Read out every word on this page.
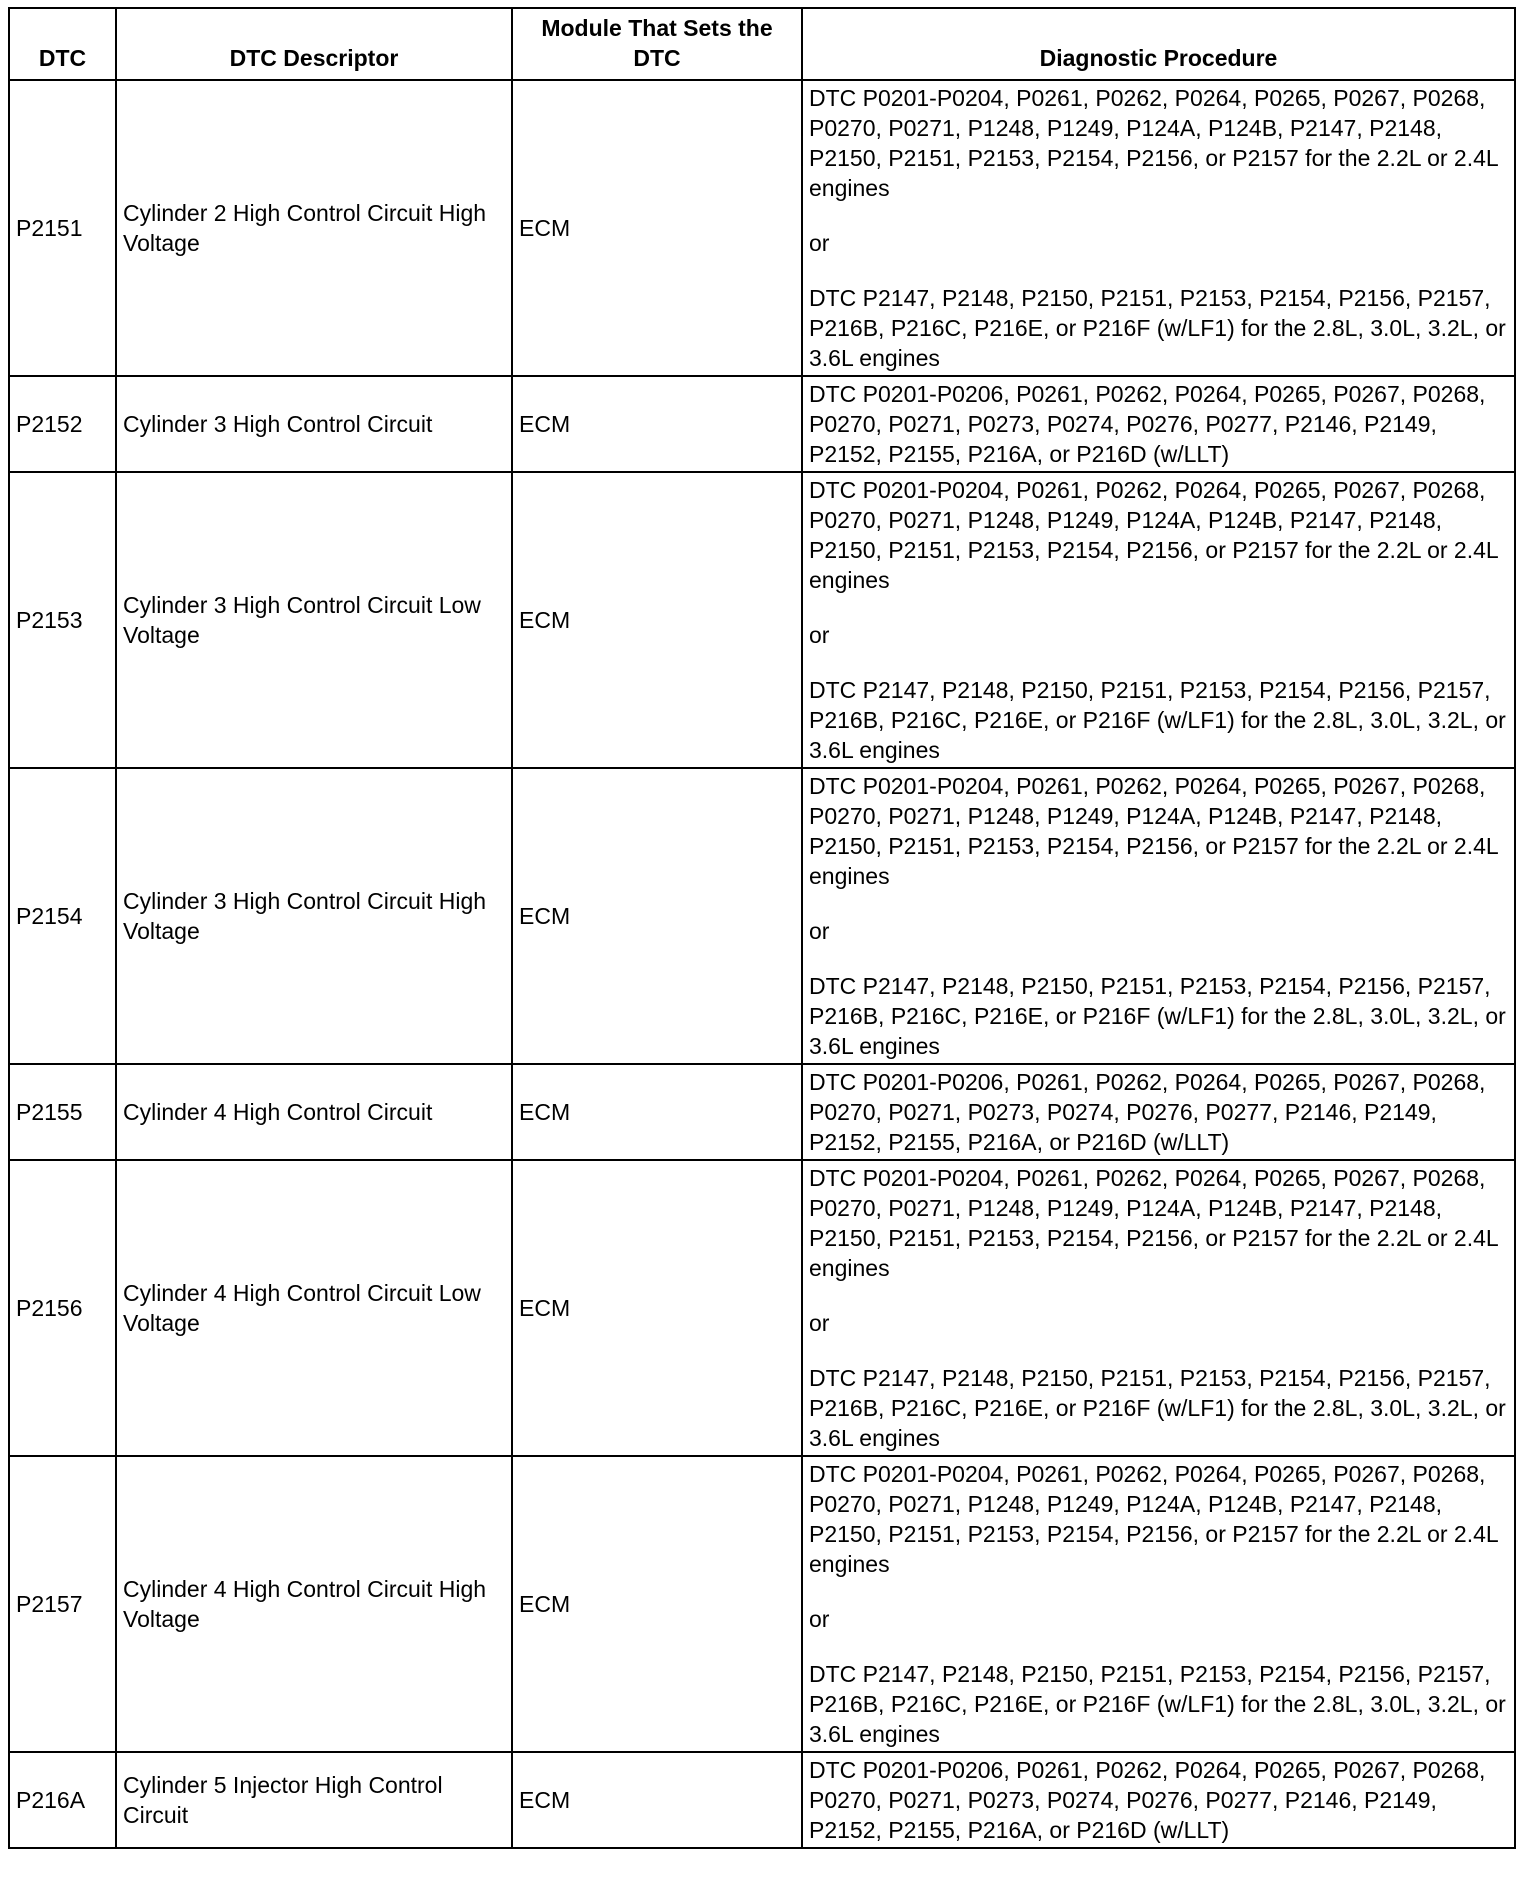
DTC	DTC Descriptor	Module That Sets the DTC	Diagnostic Procedure
P2151	Cylinder 2 High Control Circuit High Voltage	ECM	DTC P0201-P0204, P0261, P0262, P0264, P0265, P0267, P0268, P0270, P0271, P1248, P1249, P124A, P124B, P2147, P2148, P2150, P2151, P2153, P2154, P2156, or P2157 for the 2.2L or 2.4L engines
or
DTC P2147, P2148, P2150, P2151, P2153, P2154, P2156, P2157, P216B, P216C, P216E, or P216F (w/LF1) for the 2.8L, 3.0L, 3.2L, or 3.6L engines

P2152	Cylinder 3 High Control Circuit	ECM	DTC P0201-P0206, P0261, P0262, P0264, P0265, P0267, P0268, P0270, P0271, P0273, P0274, P0276, P0277, P2146, P2149, P2152, P2155, P216A, or P216D (w/LLT)

P2153	Cylinder 3 High Control Circuit Low Voltage	ECM	DTC P0201-P0204, P0261, P0262, P0264, P0265, P0267, P0268, P0270, P0271, P1248, P1249, P124A, P124B, P2147, P2148, P2150, P2151, P2153, P2154, P2156, or P2157 for the 2.2L or 2.4L engines
or
DTC P2147, P2148, P2150, P2151, P2153, P2154, P2156, P2157, P216B, P216C, P216E, or P216F (w/LF1) for the 2.8L, 3.0L, 3.2L, or 3.6L engines

P2154	Cylinder 3 High Control Circuit High Voltage	ECM	DTC P0201-P0204, P0261, P0262, P0264, P0265, P0267, P0268, P0270, P0271, P1248, P1249, P124A, P124B, P2147, P2148, P2150, P2151, P2153, P2154, P2156, or P2157 for the 2.2L or 2.4L engines
or
DTC P2147, P2148, P2150, P2151, P2153, P2154, P2156, P2157, P216B, P216C, P216E, or P216F (w/LF1) for the 2.8L, 3.0L, 3.2L, or 3.6L engines

P2155	Cylinder 4 High Control Circuit	ECM	DTC P0201-P0206, P0261, P0262, P0264, P0265, P0267, P0268, P0270, P0271, P0273, P0274, P0276, P0277, P2146, P2149, P2152, P2155, P216A, or P216D (w/LLT)

P2156	Cylinder 4 High Control Circuit Low Voltage	ECM	DTC P0201-P0204, P0261, P0262, P0264, P0265, P0267, P0268, P0270, P0271, P1248, P1249, P124A, P124B, P2147, P2148, P2150, P2151, P2153, P2154, P2156, or P2157 for the 2.2L or 2.4L engines
or
DTC P2147, P2148, P2150, P2151, P2153, P2154, P2156, P2157, P216B, P216C, P216E, or P216F (w/LF1) for the 2.8L, 3.0L, 3.2L, or 3.6L engines

P2157	Cylinder 4 High Control Circuit High Voltage	ECM	DTC P0201-P0204, P0261, P0262, P0264, P0265, P0267, P0268, P0270, P0271, P1248, P1249, P124A, P124B, P2147, P2148, P2150, P2151, P2153, P2154, P2156, or P2157 for the 2.2L or 2.4L engines
or
DTC P2147, P2148, P2150, P2151, P2153, P2154, P2156, P2157, P216B, P216C, P216E, or P216F (w/LF1) for the 2.8L, 3.0L, 3.2L, or 3.6L engines

P216A	Cylinder 5 Injector High Control Circuit	ECM	DTC P0201-P0206, P0261, P0262, P0264, P0265, P0267, P0268, P0270, P0271, P0273, P0274, P0276, P0277, P2146, P2149, P2152, P2155, P216A, or P216D (w/LLT)
